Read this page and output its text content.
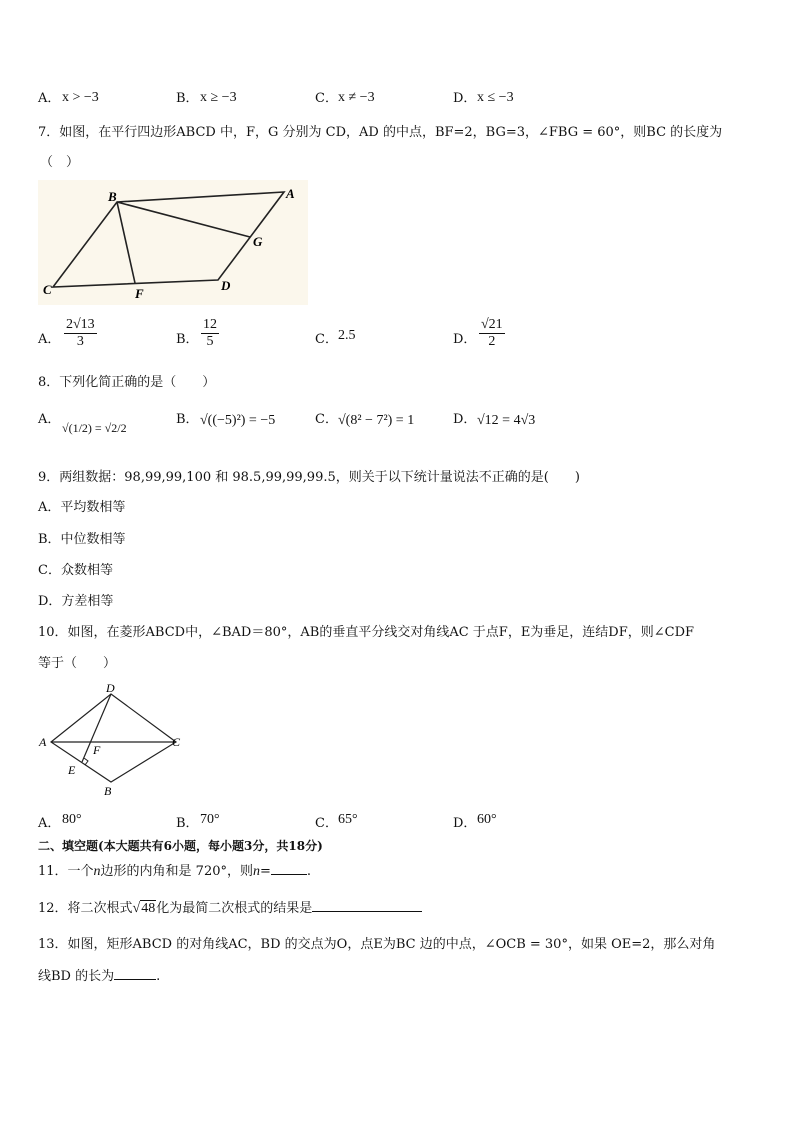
A． x > −3	B． x ≥ −3	C． x ≠ −3	D． x ≤ −3
7．如图，在平行四边形ABCD 中，F，G 分别为 CD，AD 的中点，BF=2，BG=3，∠FBG = 60°，则BC 的长度为
（　）
B	A
G
C	F
D
A． $\frac{2√13}{3}$	B． $\frac{12}{5}$	C． 2.5	D． $\frac{√21}{2}$
8．下列化简正确的是（　　）
A．
√(1/2) = √2/2
B． √((−5)²) = −5	C． √(8² − 7²) = 1	D． √12 = 4√3
9．两组数据：98,99,99,100 和 98.5,99,99,99.5，则关于以下统计量说法不正确的是(　　)
A．平均数相等
B．中位数相等
C．众数相等
D．方差相等
10．如图，在菱形ABCD中，∠BAD＝80°，AB的垂直平分线交对角线AC 于点F，E为垂足，连结DF，则∠CDF
等于（　　）
D
A
F
C
E
B
A． 80°	B． 70°	C． 65°	D． 60°
二、填空题(本大题共有6小题，每小题3分，共18分)
11．一个n边形的内角和是 720°，则n=	.
12．将二次根式√48化为最简二次根式的结果是
13．如图，矩形ABCD 的对角线AC，BD 的交点为O，点E为BC 边的中点，∠OCB = 30°，如果 OE=2，那么对角
线BD 的长为	.
